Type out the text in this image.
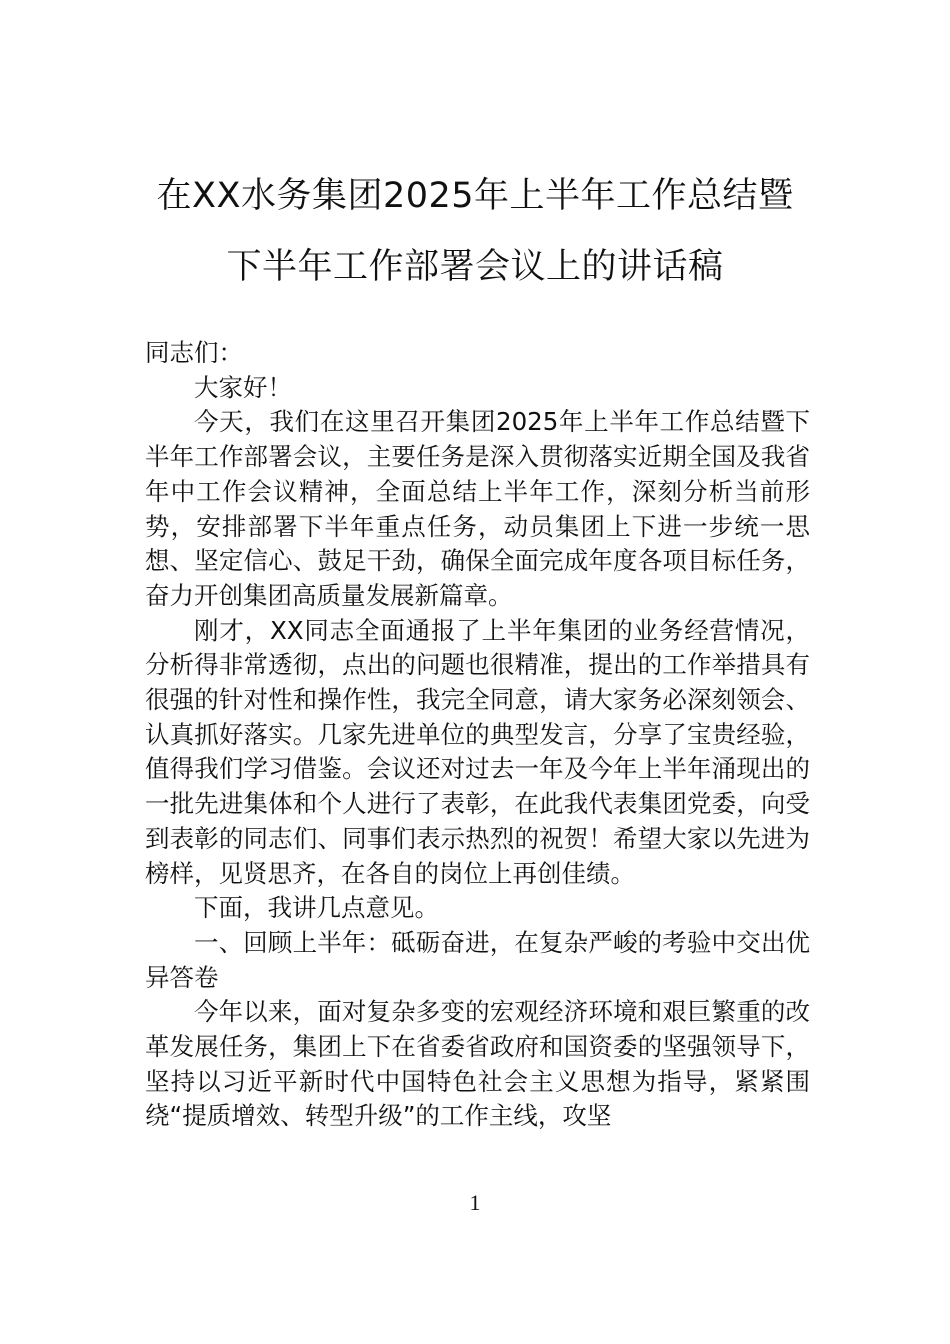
在XX水务集团2025年上半年工作总结暨
下半年工作部署会议上的讲话稿

同志们：

大家好！

今天，我们在这里召开集团2025年上半年工作总结暨下半年工作部署会议，主要任务是深入贯彻落实近期全国及我省年中工作会议精神，全面总结上半年工作，深刻分析当前形势，安排部署下半年重点任务，动员集团上下进一步统一思想、坚定信心、鼓足干劲，确保全面完成年度各项目标任务，奋力开创集团高质量发展新篇章。

刚才，XX同志全面通报了上半年集团的业务经营情况，分析得非常透彻，点出的问题也很精准，提出的工作举措具有很强的针对性和操作性，我完全同意，请大家务必深刻领会、认真抓好落实。几家先进单位的典型发言，分享了宝贵经验，值得我们学习借鉴。会议还对过去一年及今年上半年涌现出的一批先进集体和个人进行了表彰，在此我代表集团党委，向受到表彰的同志们、同事们表示热烈的祝贺！希望大家以先进为榜样，见贤思齐，在各自的岗位上再创佳绩。

下面，我讲几点意见。

一、回顾上半年：砥砺奋进，在复杂严峻的考验中交出优异答卷

今年以来，面对复杂多变的宏观经济环境和艰巨繁重的改革发展任务，集团上下在省委省政府和国资委的坚强领导下，坚持以习近平新时代中国特色社会主义思想为指导，紧紧围绕“提质增效、转型升级”的工作主线，攻坚

1
